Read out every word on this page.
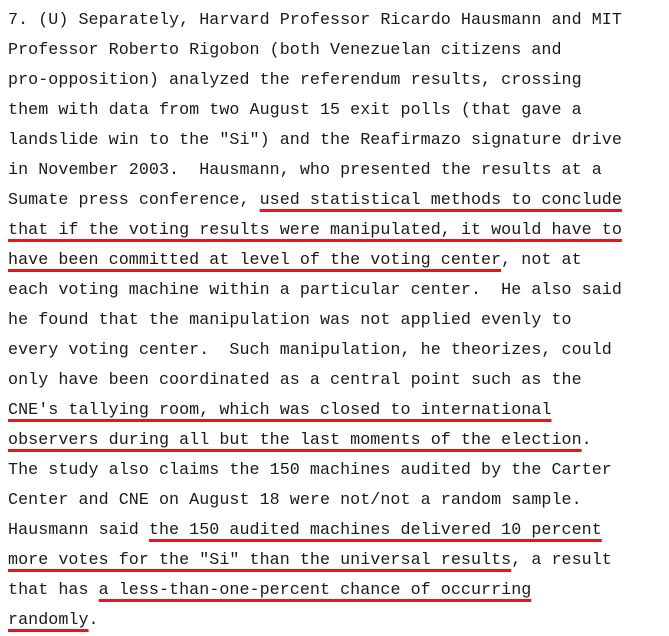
7. (U) Separately, Harvard Professor Ricardo Hausmann and MIT
Professor Roberto Rigobon (both Venezuelan citizens and
pro-opposition) analyzed the referendum results, crossing
them with data from two August 15 exit polls (that gave a
landslide win to the "Si") and the Reafirmazo signature drive
in November 2003.  Hausmann, who presented the results at a
Sumate press conference, used statistical methods to conclude
that if the voting results were manipulated, it would have to
have been committed at level of the voting center, not at
each voting machine within a particular center.  He also said
he found that the manipulation was not applied evenly to
every voting center.  Such manipulation, he theorizes, could
only have been coordinated as a central point such as the
CNE's tallying room, which was closed to international
observers during all but the last moments of the election.
The study also claims the 150 machines audited by the Carter
Center and CNE on August 18 were not/not a random sample.
Hausmann said the 150 audited machines delivered 10 percent
more votes for the "Si" than the universal results, a result
that has a less-than-one-percent chance of occurring
randomly.
